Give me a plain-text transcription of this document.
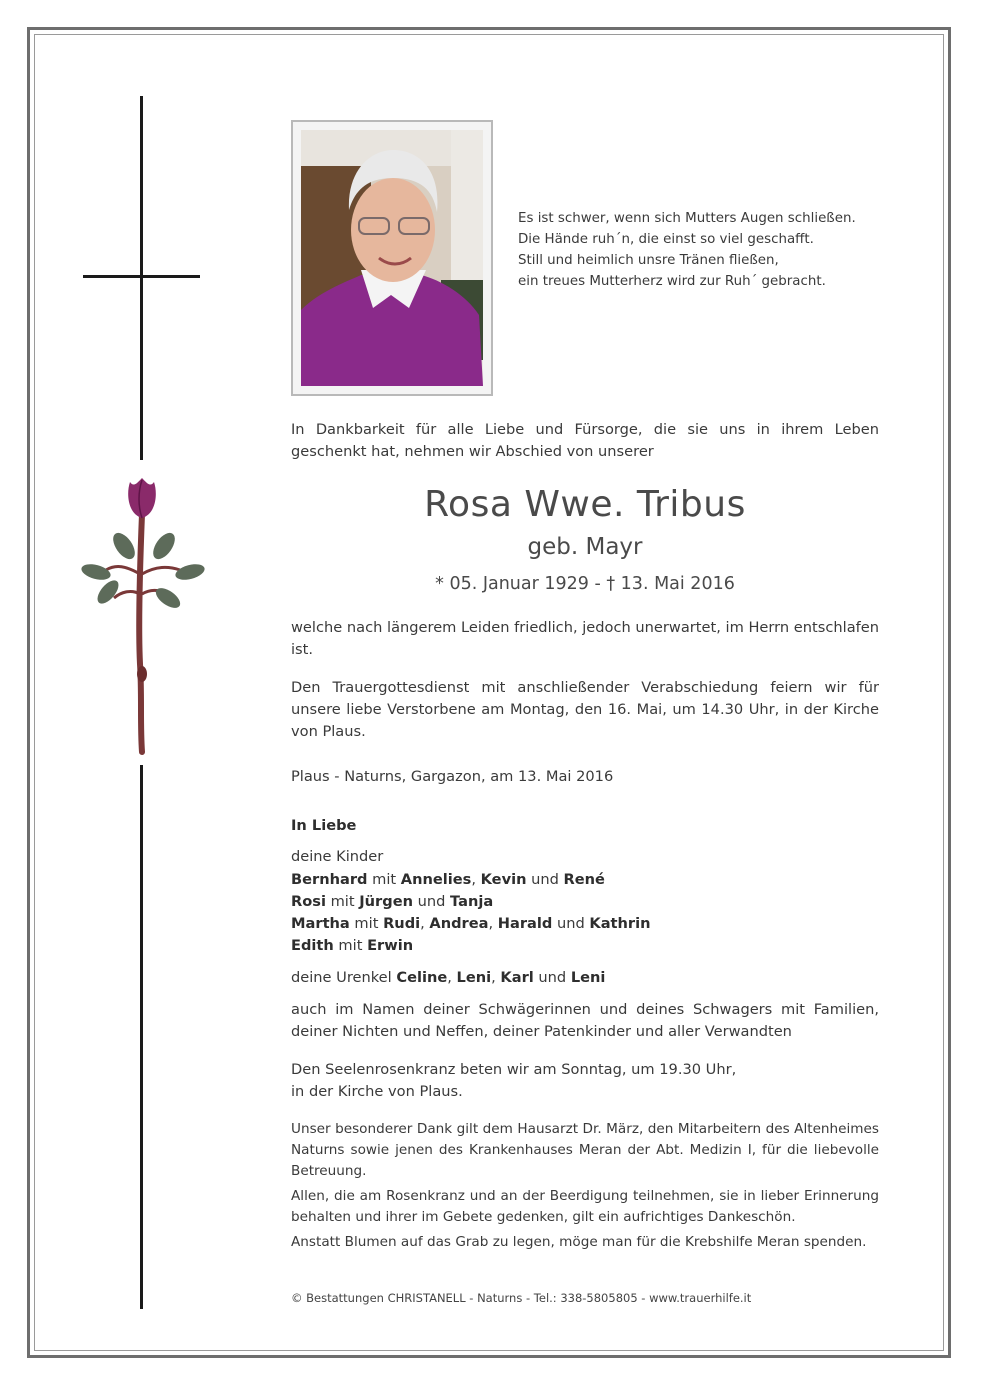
Es ist schwer, wenn sich Mutters Augen schließen.
Die Hände ruh´n, die einst so viel geschafft.
Still und heimlich unsre Tränen fließen,
ein treues Mutterherz wird zur Ruh´ gebracht.
In Dankbarkeit für alle Liebe und Fürsorge, die sie uns in ihrem Leben geschenkt hat, nehmen wir Abschied von unserer
Rosa Wwe. Tribus
geb. Mayr
* 05. Januar 1929 - † 13. Mai 2016
welche nach längerem Leiden friedlich, jedoch unerwartet, im Herrn entschlafen ist.
Den Trauergottesdienst mit anschließender Verabschiedung feiern wir für unsere liebe Verstorbene am Montag, den 16. Mai, um 14.30 Uhr, in der Kirche von Plaus.
Plaus - Naturns, Gargazon, am 13. Mai 2016
In Liebe
deine Kinder
Bernhard mit Annelies, Kevin und René
Rosi mit Jürgen und Tanja
Martha mit Rudi, Andrea, Harald und Kathrin
Edith mit Erwin
deine Urenkel Celine, Leni, Karl und Leni
auch im Namen deiner Schwägerinnen und deines Schwagers mit Familien, deiner Nichten und Neffen, deiner Patenkinder und aller Verwandten
Den Seelenrosenkranz beten wir am Sonntag, um 19.30 Uhr,
in der Kirche von Plaus.
Unser besonderer Dank gilt dem Hausarzt Dr. März, den Mitarbeitern des Altenheimes Naturns sowie jenen des Krankenhauses Meran der Abt. Medizin I, für die liebevolle Betreuung.
Allen, die am Rosenkranz und an der Beerdigung teilnehmen, sie in lieber Erinnerung behalten und ihrer im Gebete gedenken, gilt ein aufrichtiges Dankeschön.
Anstatt Blumen auf das Grab zu legen, möge man für die Krebshilfe Meran spenden.
© Bestattungen CHRISTANELL - Naturns - Tel.: 338-5805805 - www.trauerhilfe.it
